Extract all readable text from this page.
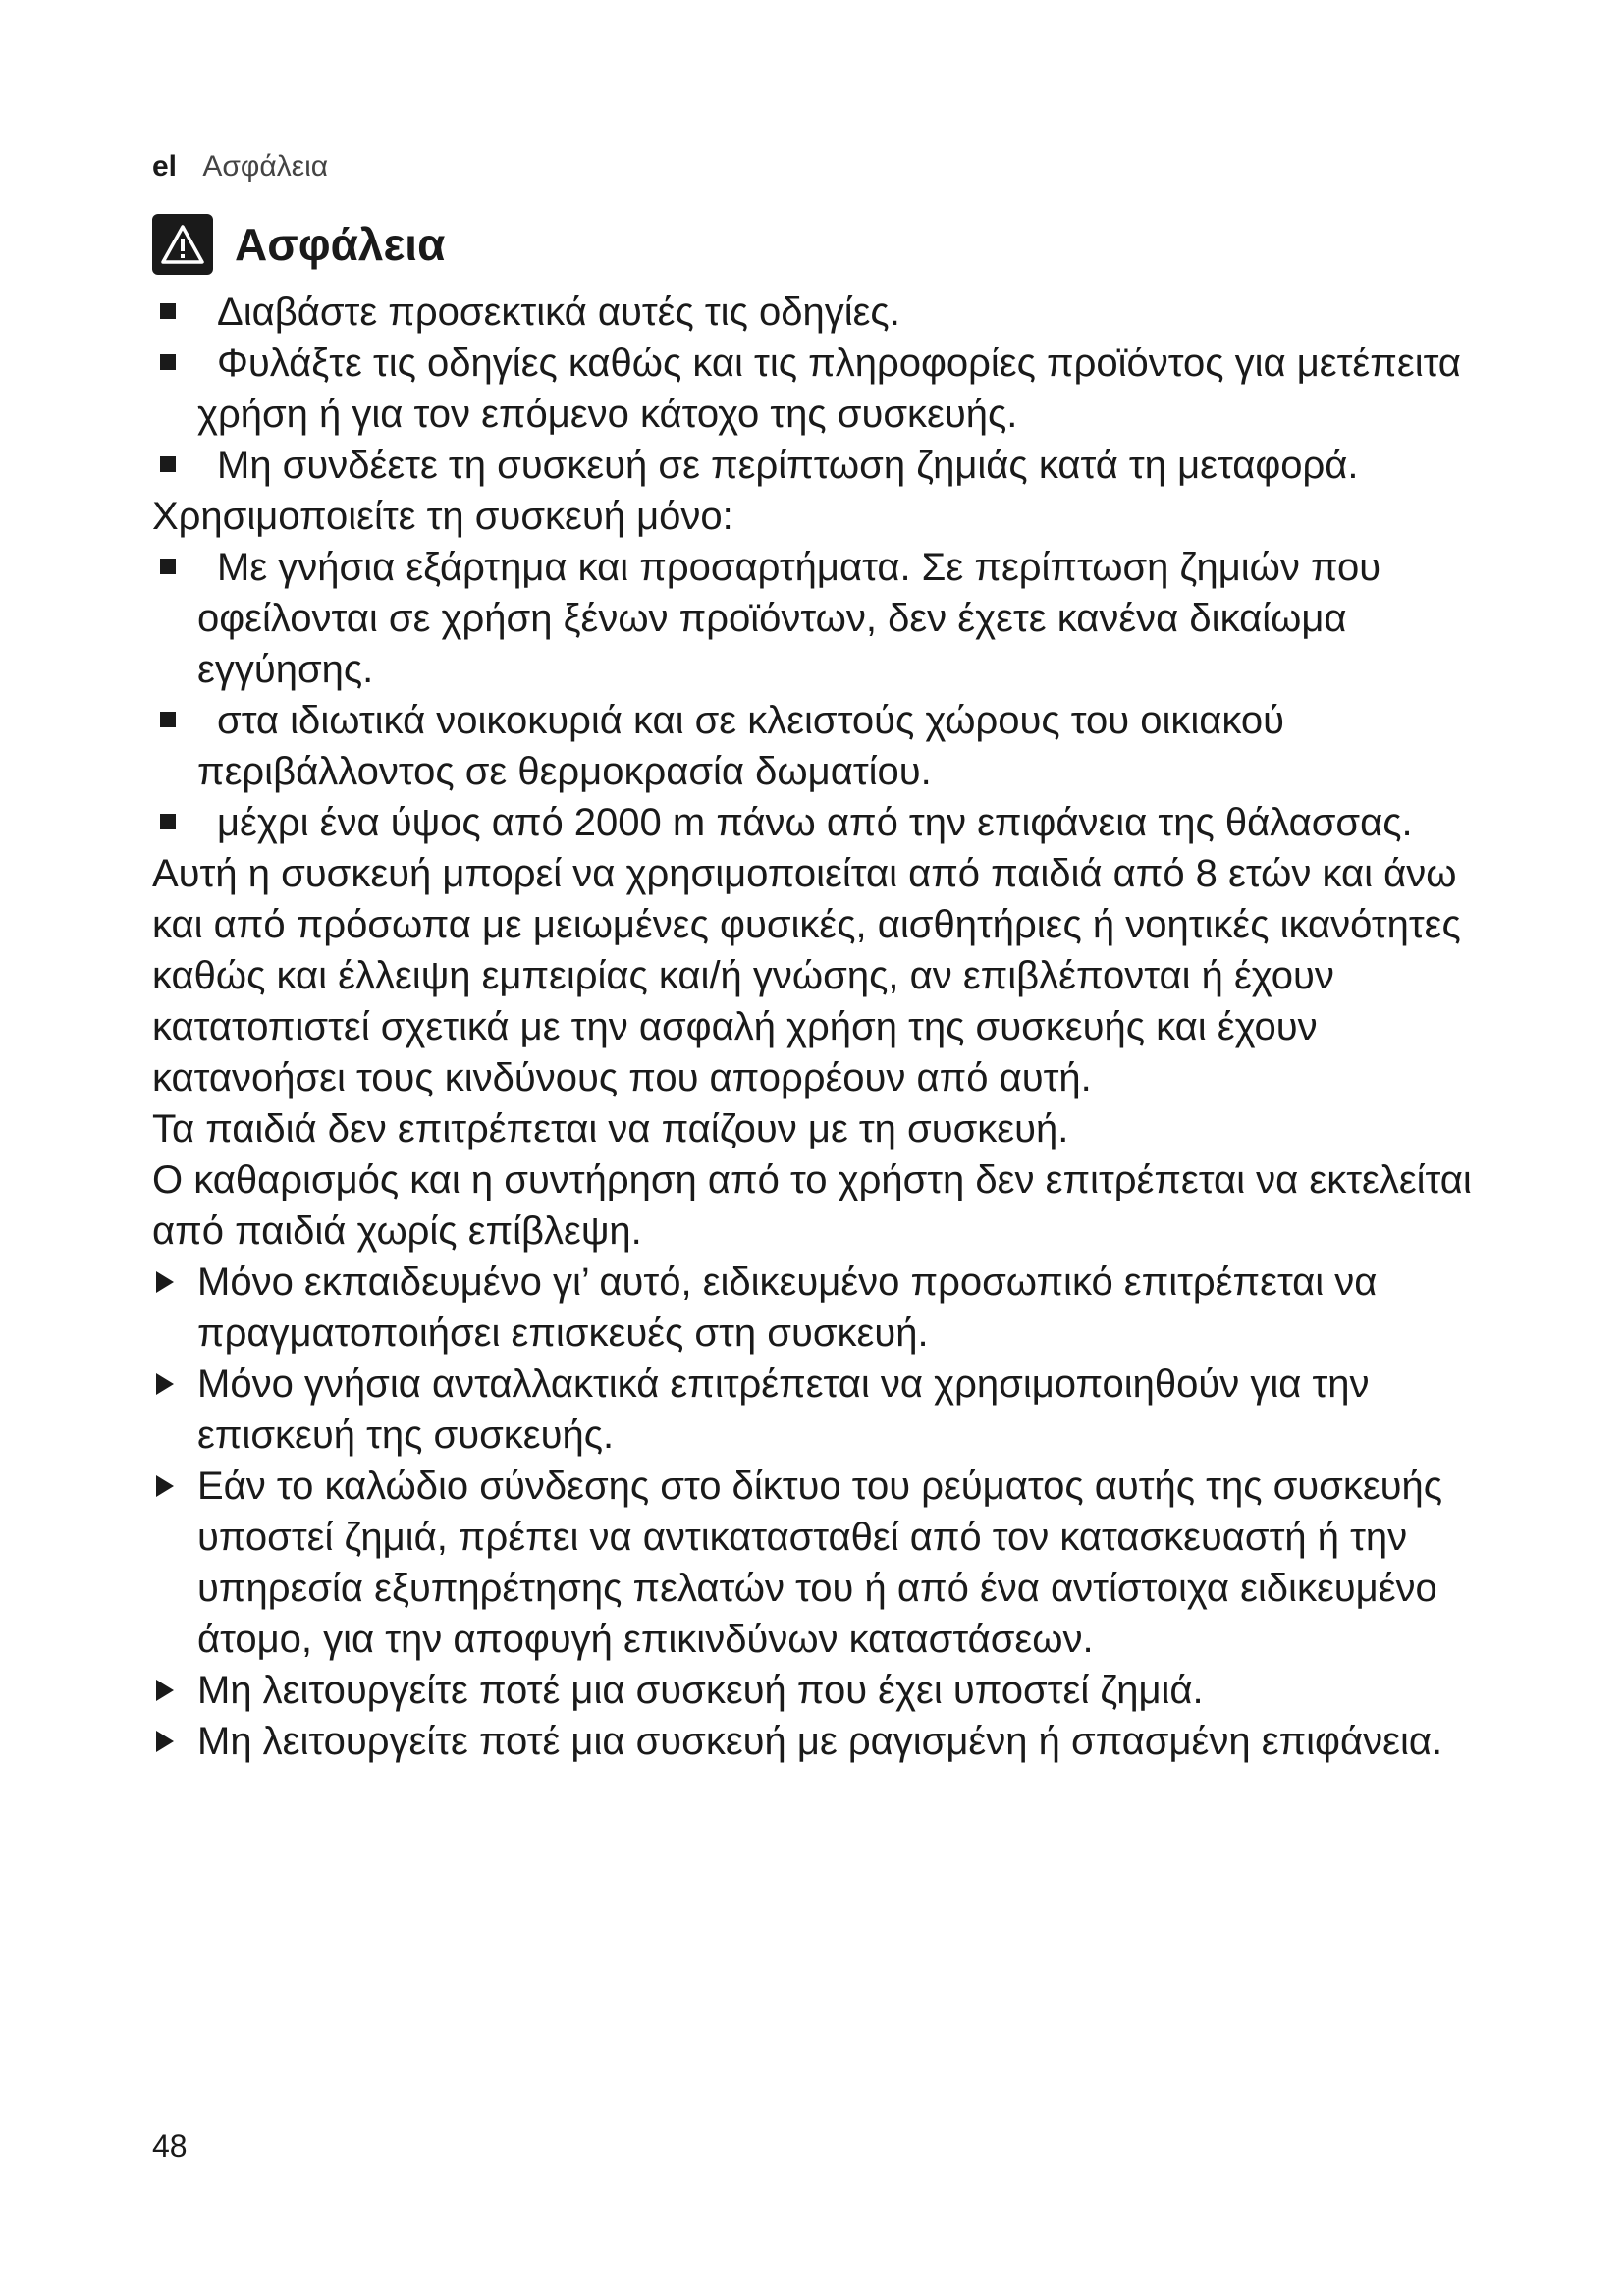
el Ασφάλεια
Ασφάλεια
Διαβάστε προσεκτικά αυτές τις οδηγίες.
Φυλάξτε τις οδηγίες καθώς και τις πληροφορίες προϊόντος για μετέπειτα χρήση ή για τον επόμενο κάτοχο της συσκευής.
Μη συνδέετε τη συσκευή σε περίπτωση ζημιάς κατά τη μεταφορά.

Χρησιμοποιείτε τη συσκευή μόνο:

Με γνήσια εξάρτημα και προσαρτήματα. Σε περίπτωση ζημιών που οφείλονται σε χρήση ξένων προϊόντων, δεν έχετε κανένα δικαίωμα εγγύησης.
στα ιδιωτικά νοικοκυριά και σε κλειστούς χώρους του οικιακού περιβάλλοντος σε θερμοκρασία δωματίου.
μέχρι ένα ύψος από 2000 m πάνω από την επιφάνεια της θάλασσας.

Αυτή η συσκευή μπορεί να χρησιμοποιείται από παιδιά από 8 ετών και άνω και από πρόσωπα με μειωμένες φυσικές, αισθητήριες ή νοητικές ικανότητες καθώς και έλλειψη εμπειρίας και/ή γνώσης, αν επιβλέπονται ή έχουν κατατοπιστεί σχετικά με την ασφαλή χρήση της συσκευής και έχουν κατανοήσει τους κινδύνους που απορρέουν από αυτή.

Τα παιδιά δεν επιτρέπεται να παίζουν με τη συσκευή.

Ο καθαρισμός και η συντήρηση από το χρήστη δεν επιτρέπεται να εκτελείται από παιδιά χωρίς επίβλεψη.

Μόνο εκπαιδευμένο γι’ αυτό, ειδικευμένο προσωπικό επιτρέπεται να πραγματοποιήσει επισκευές στη συσκευή.
Μόνο γνήσια ανταλλακτικά επιτρέπεται να χρησιμοποιηθούν για την επισκευή της συσκευής.
Εάν το καλώδιο σύνδεσης στο δίκτυο του ρεύματος αυτής της συσκευής υποστεί ζημιά, πρέπει να αντικατασταθεί από τον κατασκευαστή ή την υπηρεσία εξυπηρέτησης πελατών του ή από ένα αντίστοιχα ειδικευμένο άτομο, για την αποφυγή επικινδύνων καταστάσεων.
Μη λειτουργείτε ποτέ μια συσκευή που έχει υποστεί ζημιά.
Μη λειτουργείτε ποτέ μια συσκευή με ραγισμένη ή σπασμένη επιφάνεια.
48
